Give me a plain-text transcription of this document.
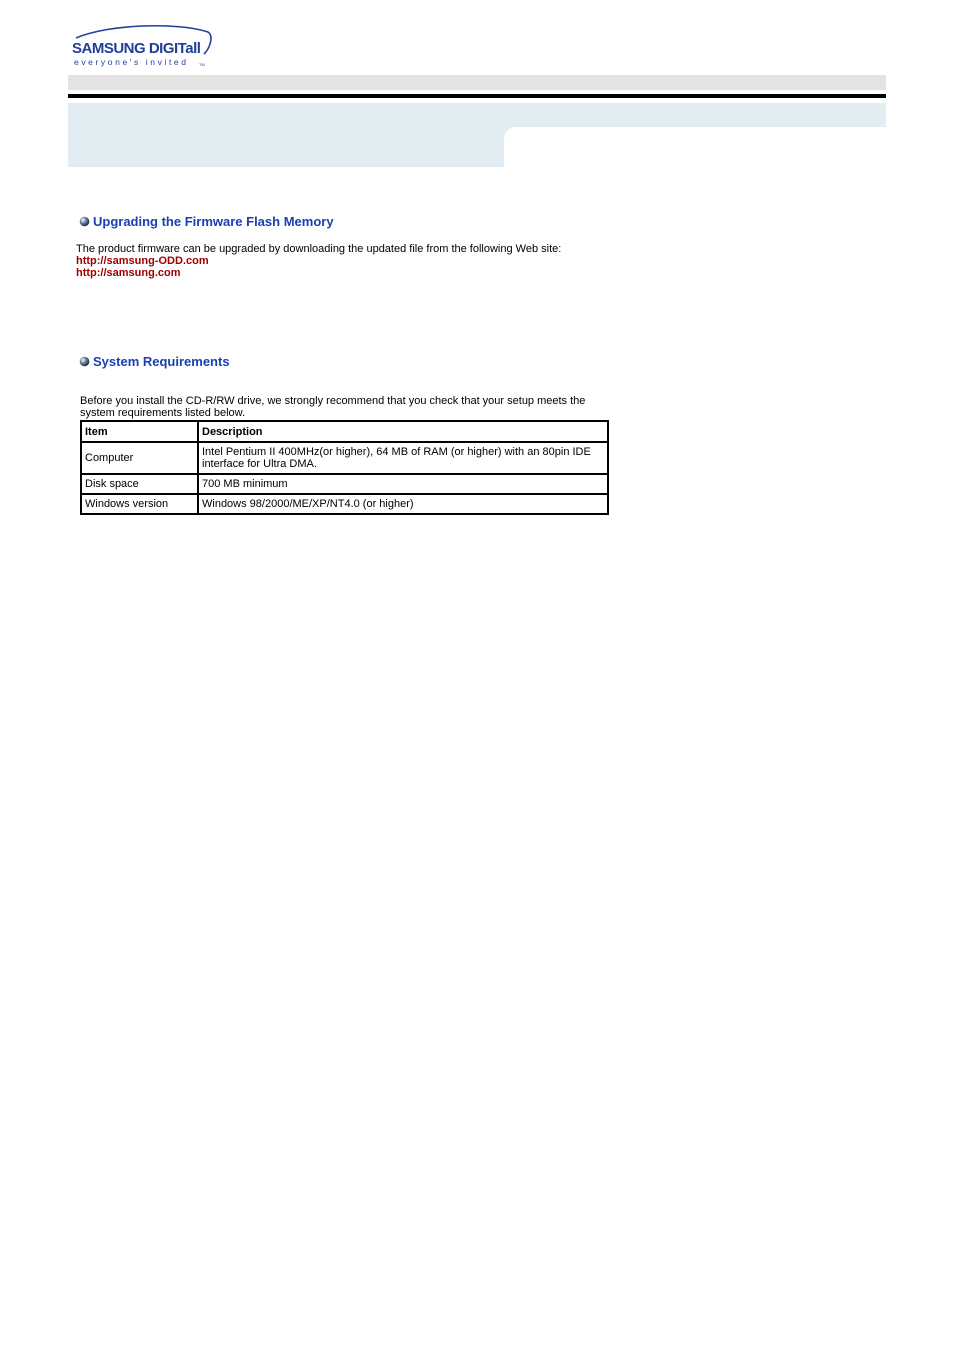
SAMSUNG DIGITall
everyone's invited	TM
Upgrading the Firmware Flash Memory
The product firmware can be upgraded by downloading the updated file from the following Web site:
http://samsung-ODD.com
http://samsung.com
System Requirements
Before you install the CD-R/RW drive, we strongly recommend that you check that your setup meets the system requirements listed below.
Item	Description
Computer	Intel Pentium II 400MHz(or higher), 64 MB of RAM (or higher) with an 80pin IDE interface for Ultra DMA.
Disk space	700 MB minimum
Windows version	Windows 98/2000/ME/XP/NT4.0 (or higher)
